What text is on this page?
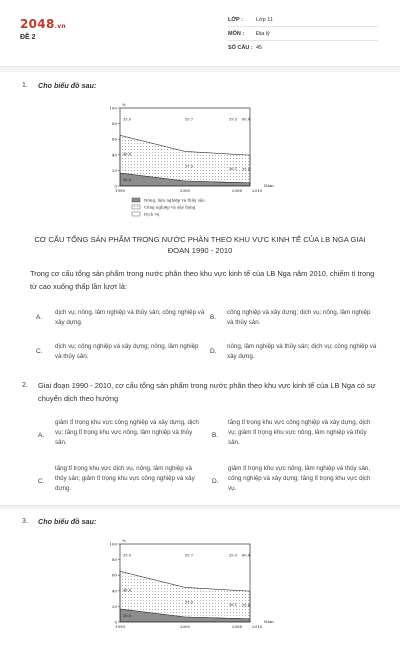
2048.vn
ĐỀ 2
LỚP : Lớp 11
MÔN : Địa lý
SỐ CÂU : 45
1. Cho biểu đồ sau:
0
20
40
60
80
100
%
1990	2000	2008 2010
Năm
16.6
48.4
37.9
36.1 35.6
35.0	55.7	59.5 60.4
Nông, lâm nghiệp và thủy sản
Công nghiệp và xây dựng
Dịch vụ
CƠ CẤU TỔNG SẢN PHẨM TRONG NƯỚC PHÂN THEO KHU VỰC KINH TẾ CỦA LB NGA GIAI ĐOẠN 1990 - 2010
Trong cơ cấu tổng sản phẩm trong nước phân theo khu vực kinh tế của LB Nga năm 2010, chiếm tỉ trọng từ cao xuống thấp lần lượt là:
A.
dịch vụ; nông, lâm nghiệp và thủy sản; công nghiệp và xây dựng.
B.
công nghiệp và xây dựng; dịch vụ; nông, lâm nghiệp và thủy sản.
C.
dịch vụ; công nghiệp và xây dựng; nông, lâm nghiệp và thủy sản.
D.
nông, lâm nghiệp và thủy sản; dịch vụ; công nghiệp và xây dựng.
2. Giai đoạn 1990 - 2010, cơ cấu tổng sản phẩm trong nước phân theo khu vực kinh tế của LB Nga có sự chuyển dịch theo hướng
A.
giảm tỉ trọng khu vực công nghiệp và xây dựng, dịch vụ; tăng tỉ trọng khu vực nông, lâm nghiệp và thủy sản.
B.
tăng tỉ trọng khu vực công nghiệp và xây dựng, dịch vụ; giảm tỉ trọng khu vực nông, lâm nghiệp và thủy sản.
C.
tăng tỉ trọng khu vực dịch vụ, nông, lâm nghiệp và thủy sản; giảm tỉ trọng khu vực công nghiệp và xây dựng.
D.
giảm tỉ trọng khu vực nông, lâm nghiệp và thủy sản, công nghiệp và xây dựng; tăng tỉ trọng khu vực dịch vụ.
3. Cho biểu đồ sau:
0
20
40
60
80
100
%
1990	2000	2008 2010
Năm
16.6
48.4
37.9
36.1 35.6
35.0	55.7	59.5 60.4
